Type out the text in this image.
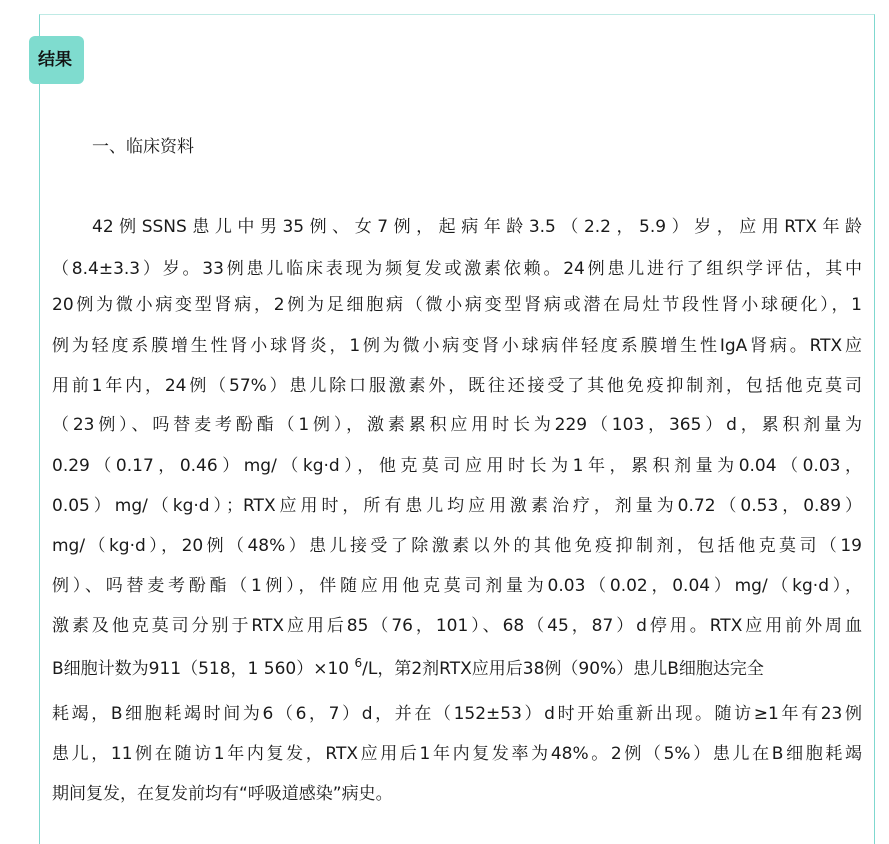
结果
一、临床资料
42例SSNS患儿中男35例、女7例，起病年龄3.5（2.2，5.9）岁，应用RTX年龄
（8.4±3.3）岁。33例患儿临床表现为频复发或激素依赖。24例患儿进行了组织学评估，其中
20例为微小病变型肾病，2例为足细胞病（微小病变型肾病或潜在局灶节段性肾小球硬化），1
例为轻度系膜增生性肾小球肾炎，1例为微小病变肾小球病伴轻度系膜增生性IgA肾病。RTX应
用前1年内，24例（57%）患儿除口服激素外，既往还接受了其他免疫抑制剂，包括他克莫司
（23例）、吗替麦考酚酯（1例），激素累积应用时长为229（103，365）d，累积剂量为
0.29（0.17，0.46）mg/（kg·d），他克莫司应用时长为1年，累积剂量为0.04（0.03，
0.05）mg/（kg·d）；RTX应用时，所有患儿均应用激素治疗，剂量为0.72（0.53，0.89）
mg/（kg·d），20例（48%）患儿接受了除激素以外的其他免疫抑制剂，包括他克莫司（19
例）、吗替麦考酚酯（1例），伴随应用他克莫司剂量为0.03（0.02，0.04）mg/（kg·d），
激素及他克莫司分别于RTX应用后85（76，101）、68（45，87）d停用。RTX应用前外周血
B细胞计数为911（518，1 560）×10 $^6$/L，第2剂RTX应用后38例（90%）患儿B细胞达完全
耗竭，B细胞耗竭时间为6（6，7）d，并在（152±53）d时开始重新出现。随访≥1年有23例
患儿，11例在随访1年内复发，RTX应用后1年内复发率为48%。2例（5%）患儿在B细胞耗竭
期间复发，在复发前均有“呼吸道感染”病史。
